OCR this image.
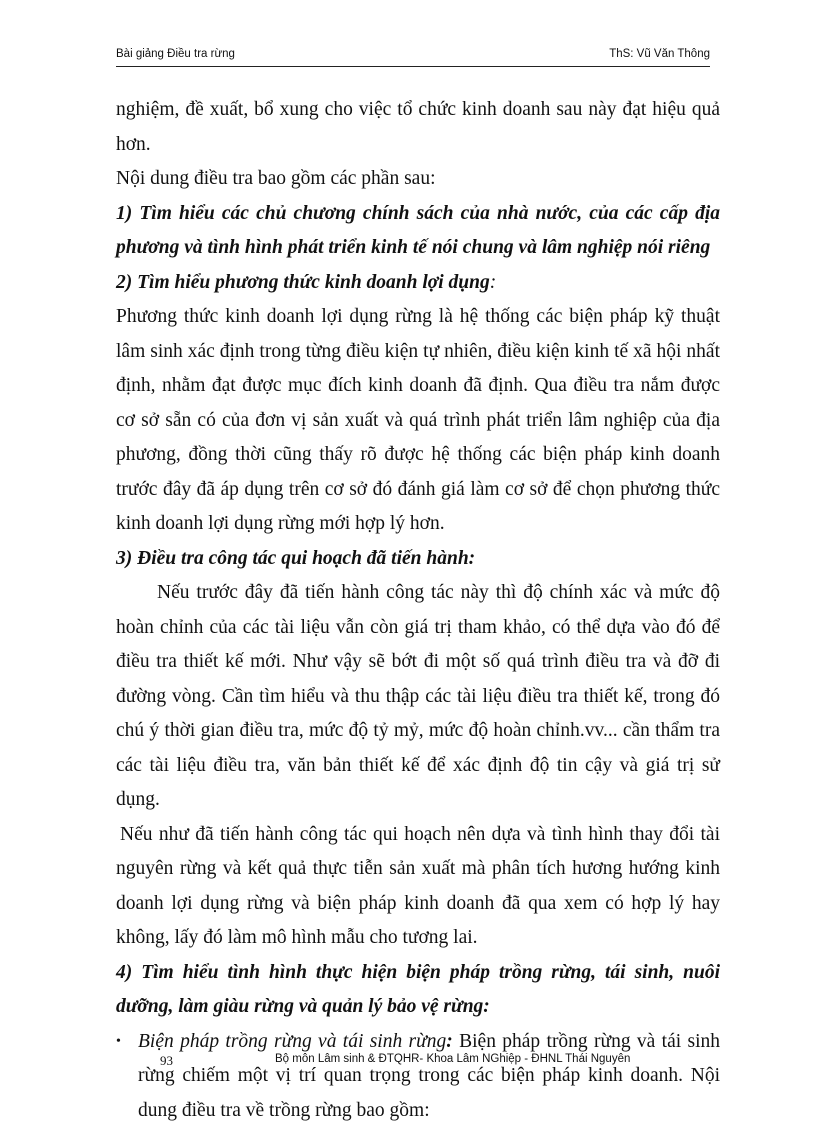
Bài giảng Điều tra rừng	ThS: Vũ Văn Thông

nghiệm, đề xuất, bổ xung cho việc tổ chức kinh doanh sau này đạt hiệu quả hơn.

Nội dung điều tra bao gồm các phần sau:

1) Tìm hiểu các chủ chương chính sách của nhà nước, của các cấp địa phương và tình hình phát triển kinh tế nói chung và lâm nghiệp nói riêng

2) Tìm hiểu phương thức kinh doanh lợi dụng:

Phương thức kinh doanh lợi dụng rừng là hệ thống các biện pháp kỹ thuật lâm sinh xác định trong từng điều kiện tự nhiên, điều kiện kinh tế xã hội nhất định, nhằm đạt được mục đích kinh doanh đã định. Qua điều tra nắm được cơ sở sẵn có của đơn vị sản xuất và quá trình phát triển lâm nghiệp của địa phương, đồng thời cũng thấy rõ được hệ thống các biện pháp kinh doanh trước đây đã áp dụng trên cơ sở đó đánh giá làm cơ sở để chọn phương thức kinh doanh lợi dụng rừng mới hợp lý hơn.

3) Điều tra công tác qui hoạch đã tiến hành:

Nếu trước đây đã tiến hành công tác này thì độ chính xác và mức độ hoàn chỉnh của các tài liệu vẫn còn giá trị tham khảo, có thể dựa vào đó để điều tra thiết kế mới. Như vậy sẽ bớt đi một số quá trình điều tra và đỡ đi đường vòng. Cần tìm hiểu và thu thập các tài liệu điều tra thiết kế, trong đó chú ý thời gian điều tra, mức độ tỷ mỷ, mức độ hoàn chỉnh.vv... cần thẩm tra các tài liệu điều tra, văn bản thiết kế để xác định độ tin cậy và giá trị sử dụng.

Nếu như đã tiến hành công tác qui hoạch nên dựa và tình hình thay đổi tài nguyên rừng và kết quả thực tiễn sản xuất mà phân tích hương hướng kinh doanh lợi dụng rừng và biện pháp kinh doanh đã qua xem có hợp lý hay không, lấy đó làm mô hình mẫu cho tương lai.

4) Tìm hiểu tình hình thực hiện biện pháp trồng rừng, tái sinh, nuôi dưỡng, làm giàu rừng và quản lý bảo vệ rừng:

• Biện pháp trồng rừng và tái sinh rừng: Biện pháp trồng rừng và tái sinh rừng chiếm một vị trí quan trọng trong các biện pháp kinh doanh. Nội dung điều tra về trồng rừng bao gồm:

93	Bộ môn Lâm sinh & ĐTQHR- Khoa Lâm NGhiệp - ĐHNL Thái Nguyên
